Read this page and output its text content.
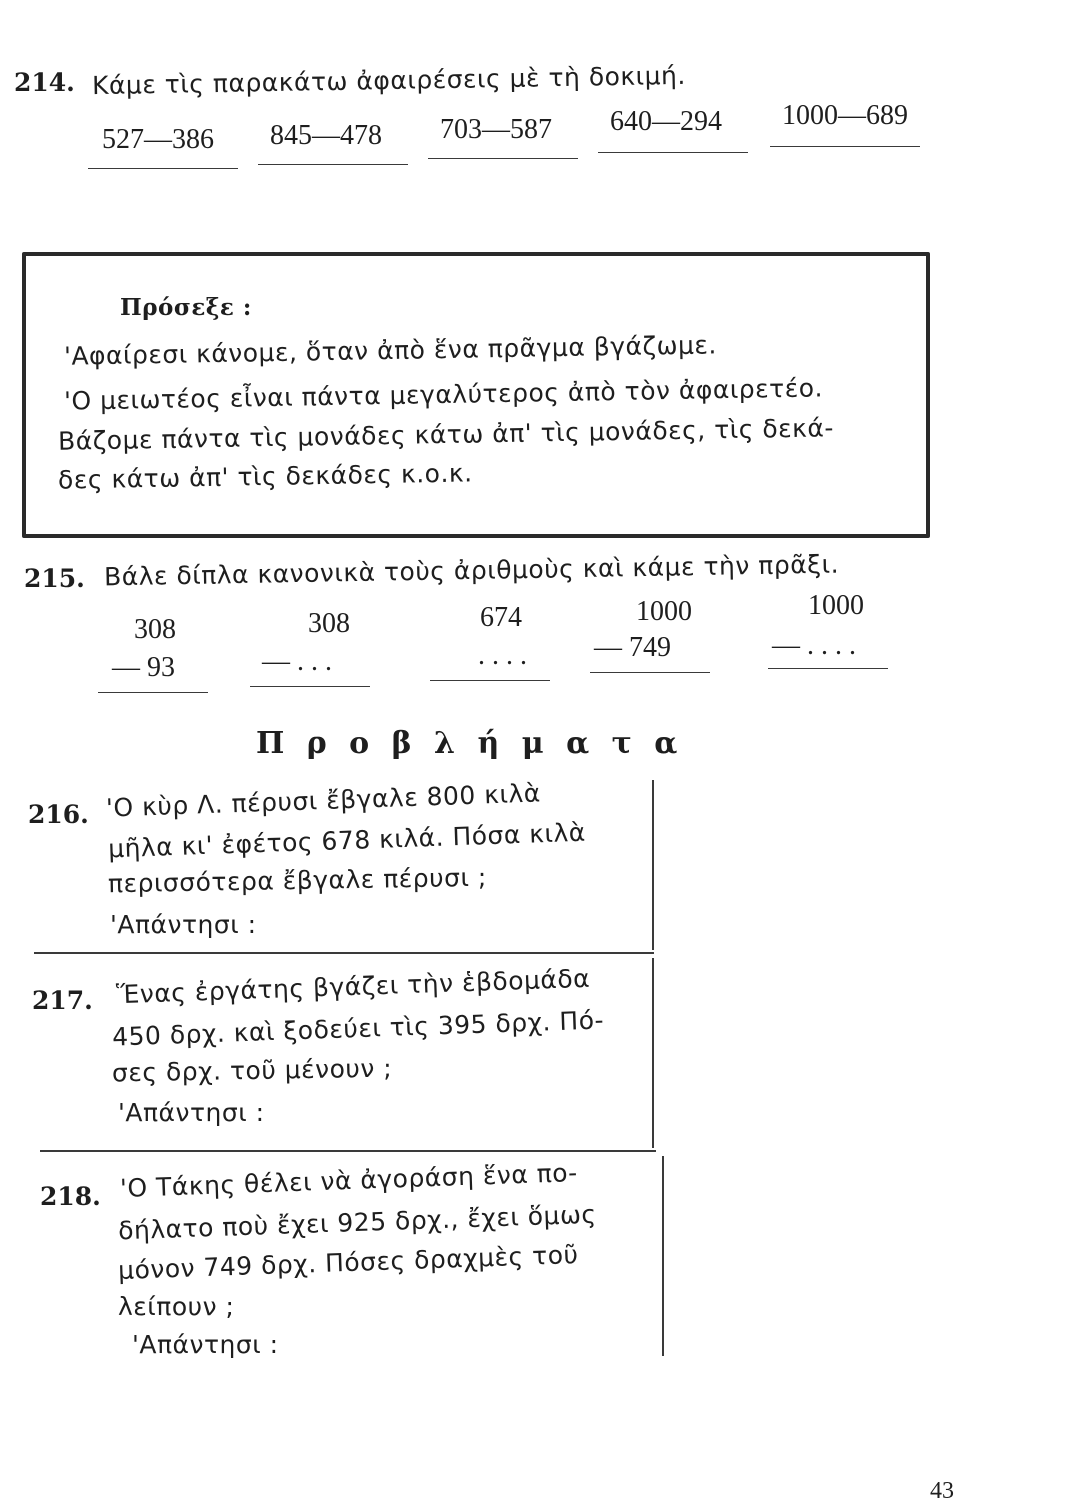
214. Κάμε τὶς παρακάτω ἀφαιρέσεις μὲ τὴ δοκιμή.
527—386 845—478 703—587 640—294 1000—689
Πρόσεξε :
'Αφαίρεσι κάνομε, ὅταν ἀπὸ ἕνα πρᾶγμα βγάζωμε.
'Ο μειωτέος εἶναι πάντα μεγαλύτερος ἀπὸ τὸν ἀφαιρετέο.
Βάζομε πάντα τὶς μονάδες κάτω ἀπ' τὶς μονάδες, τὶς δεκά-
δες κάτω ἀπ' τὶς δεκάδες κ.ο.κ.
215. Βάλε δίπλα κανονικὰ τοὺς ἀριθμοὺς καὶ κάμε τὴν πρᾶξι.
308
— 93
308
— . . .
674
. . . .
1000
— 749
1000
— . . . .
Π ρ ο β λ ή μ α τ α
216. 'Ο κὺρ Λ. πέρυσι ἔβγαλε 800 κιλὰ
μῆλα κι' ἐφέτος 678 κιλά. Πόσα κιλὰ
περισσότερα ἔβγαλε πέρυσι ;
'Απάντησι :
217. Ἕνας ἐργάτης βγάζει τὴν ἑβδομάδα
450 δρχ. καὶ ξοδεύει τὶς 395 δρχ. Πό-
σες δρχ. τοῦ μένουν ;
'Απάντησι :
218. 'Ο Τάκης θέλει νὰ ἀγοράση ἕνα πο-
δήλατο ποὺ ἔχει 925 δρχ., ἔχει ὅμως
μόνον 749 δρχ. Πόσες δραχμὲς τοῦ
λείπουν ;
'Απάντησι :
43
